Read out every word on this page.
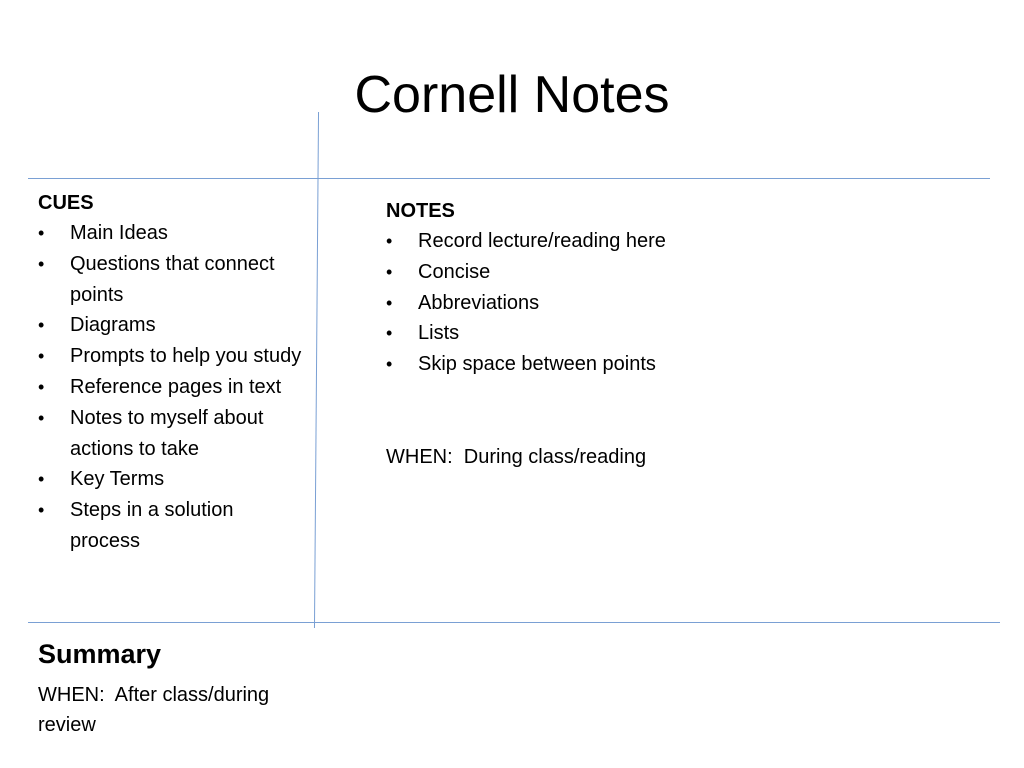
Cornell Notes

CUES

•	Main Ideas
•	Questions that connect points
•	Diagrams
•	Prompts to help you study
•	Reference pages in text
•	Notes to myself about actions to take
•	Key Terms
•	Steps in a solution process

NOTES

•	Record lecture/reading here
•	Concise
•	Abbreviations
•	Lists
•	Skip space between points

WHEN:  During class/reading

Summary

WHEN:  After class/during review
